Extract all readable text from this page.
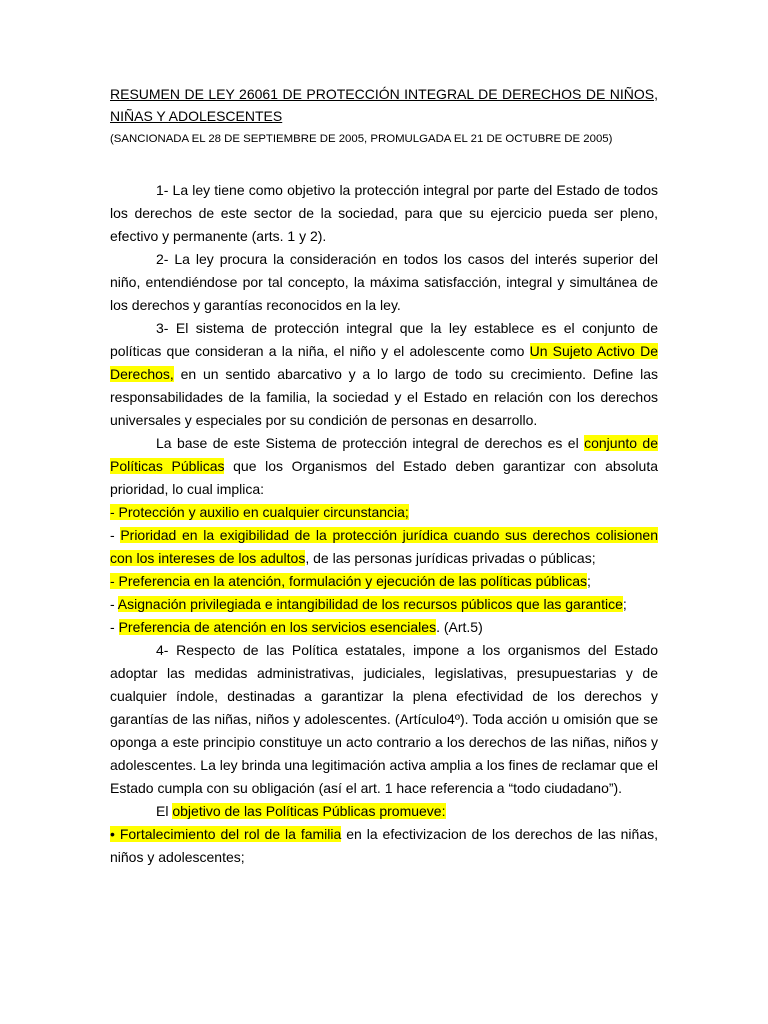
RESUMEN DE LEY 26061 DE PROTECCIÓN INTEGRAL DE DERECHOS DE NIÑOS, NIÑAS Y ADOLESCENTES

(SANCIONADA EL 28 DE SEPTIEMBRE DE 2005, PROMULGADA EL 21 DE OCTUBRE DE 2005)

1- La ley tiene como objetivo la protección integral por parte del Estado de todos los derechos de este sector de la sociedad, para que su ejercicio pueda ser pleno, efectivo y permanente (arts. 1 y 2).

2- La ley procura la consideración en todos los casos del interés superior del niño, entendiéndose por tal concepto, la máxima satisfacción, integral y simultánea de los derechos y garantías reconocidos en la ley.

3- El sistema de protección integral que la ley establece es el conjunto de políticas que consideran a la niña, el niño y el adolescente como Un Sujeto Activo De Derechos, en un sentido abarcativo y a lo largo de todo su crecimiento. Define las responsabilidades de la familia, la sociedad y el Estado en relación con los derechos universales y especiales por su condición de personas en desarrollo.

La base de este Sistema de protección integral de derechos es el conjunto de Políticas Públicas que los Organismos del Estado deben garantizar con absoluta prioridad, lo cual implica:

- Protección y auxilio en cualquier circunstancia;

- Prioridad en la exigibilidad de la protección jurídica cuando sus derechos colisionen con los intereses de los adultos, de las personas jurídicas privadas o públicas;

- Preferencia en la atención, formulación y ejecución de las políticas públicas;

- Asignación privilegiada e intangibilidad de los recursos públicos que las garantice;

- Preferencia de atención en los servicios esenciales. (Art.5)

4- Respecto de las Política estatales, impone a los organismos del Estado adoptar las medidas administrativas, judiciales, legislativas, presupuestarias y de cualquier índole, destinadas a garantizar la plena efectividad de los derechos y garantías de las niñas, niños y adolescentes. (Artículo4º). Toda acción u omisión que se oponga a este principio constituye un acto contrario a los derechos de las niñas, niños y adolescentes. La ley brinda una legitimación activa amplia a los fines de reclamar que el Estado cumpla con su obligación (así el art. 1 hace referencia a “todo ciudadano”).

El objetivo de las Políticas Públicas promueve:

• Fortalecimiento del rol de la familia en la efectivizacion de los derechos de las niñas, niños y adolescentes;
